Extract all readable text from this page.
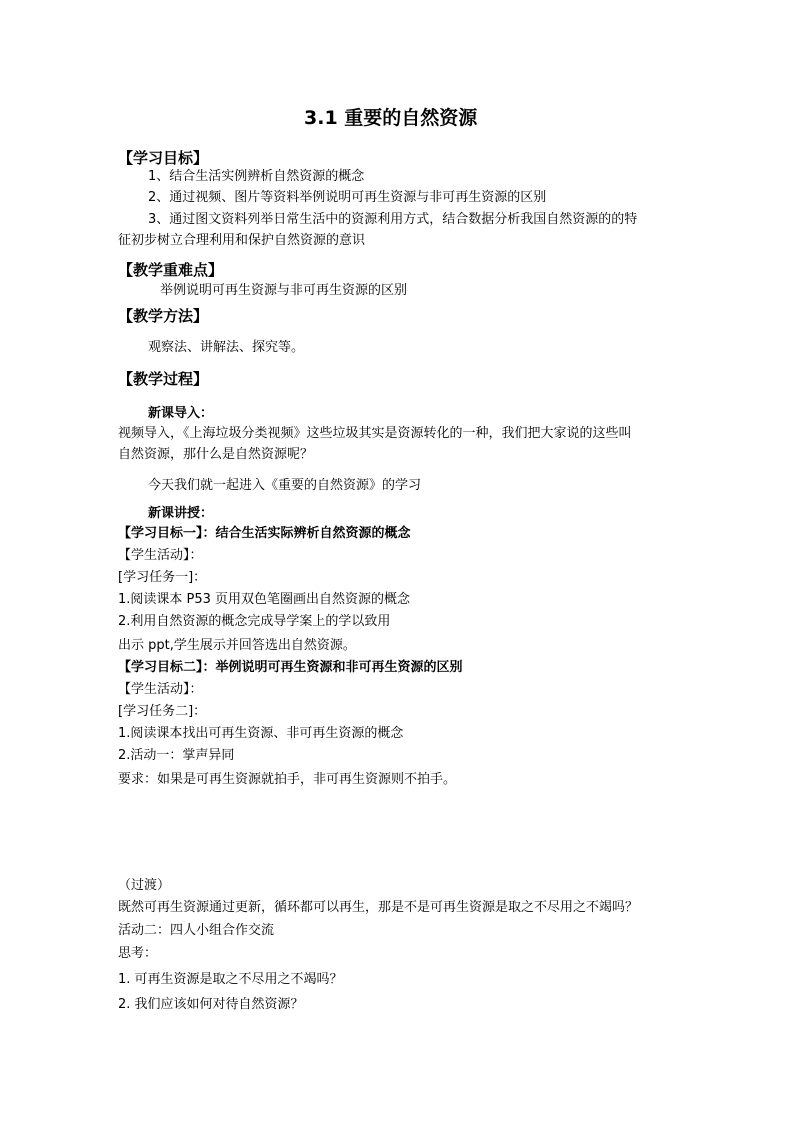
3.1 重要的自然资源
【学习目标】
1、结合生活实例辨析自然资源的概念
2、通过视频、图片等资料举例说明可再生资源与非可再生资源的区别
3、通过图文资料列举日常生活中的资源利用方式，结合数据分析我国自然资源的的特
征初步树立合理利用和保护自然资源的意识
【教学重难点】
举例说明可再生资源与非可再生资源的区别
【教学方法】
观察法、讲解法、探究等。
【教学过程】
新课导入：
视频导入，《上海垃圾分类视频》这些垃圾其实是资源转化的一种，我们把大家说的这些叫
自然资源，那什么是自然资源呢？
今天我们就一起进入《重要的自然资源》的学习
新课讲授：
【学习目标一】：结合生活实际辨析自然资源的概念
【学生活动】：
[学习任务一]：
1.阅读课本 P53 页用双色笔圈画出自然资源的概念
2.利用自然资源的概念完成导学案上的学以致用
出示 ppt,学生展示并回答选出自然资源。
【学习目标二】：举例说明可再生资源和非可再生资源的区别
【学生活动】：
[学习任务二]：
1.阅读课本找出可再生资源、非可再生资源的概念
2.活动一：掌声异同
要求：如果是可再生资源就拍手，非可再生资源则不拍手。
（过渡）
既然可再生资源通过更新，循环都可以再生，那是不是可再生资源是取之不尽用之不竭吗？
活动二：四人小组合作交流
思考：
1. 可再生资源是取之不尽用之不竭吗？
2. 我们应该如何对待自然资源？
